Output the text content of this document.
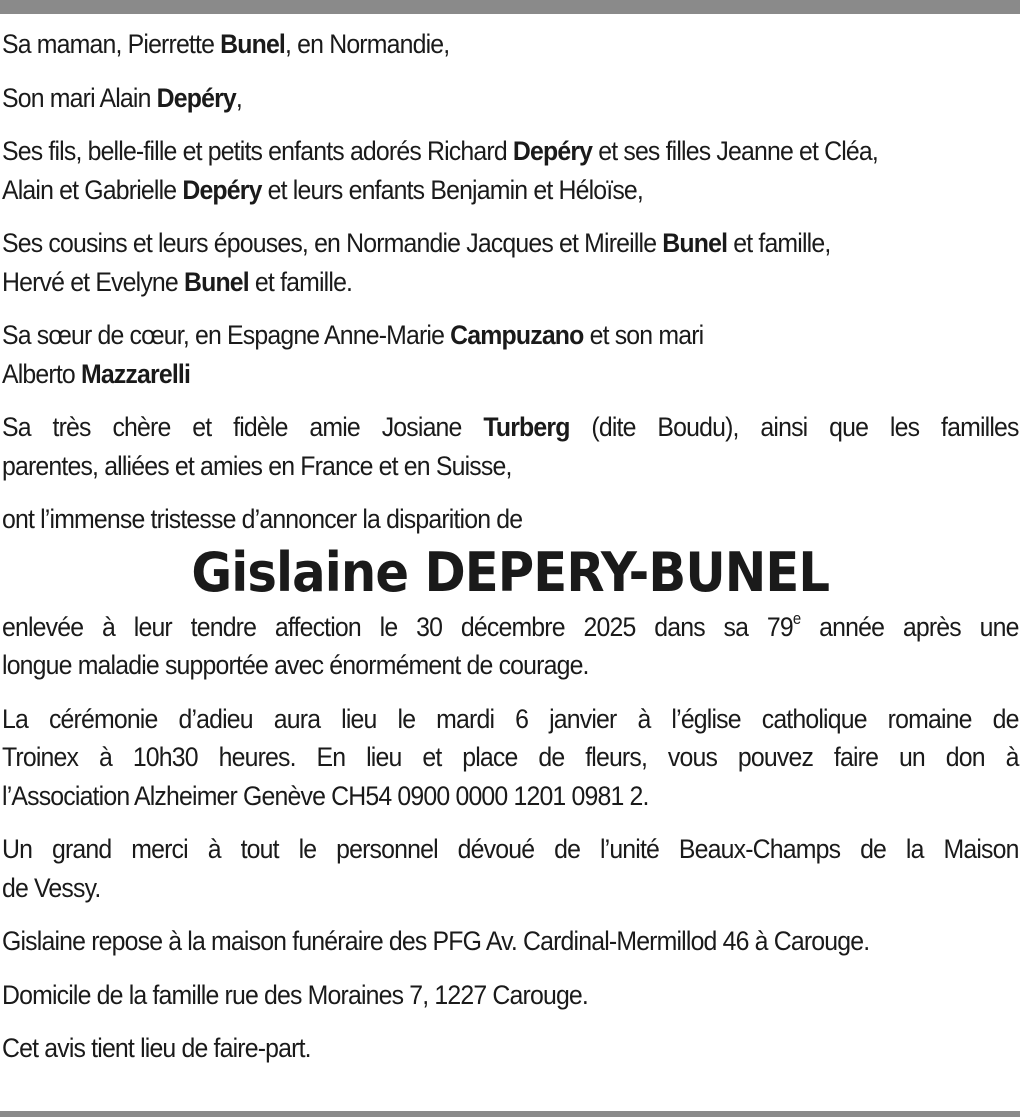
Sa maman, Pierrette Bunel, en Normandie,
Son mari Alain Depéry,
Ses fils, belle-fille et petits enfants adorés Richard Depéry et ses filles Jeanne et Cléa,
Alain et Gabrielle Depéry et leurs enfants Benjamin et Héloïse,
Ses cousins et leurs épouses, en Normandie Jacques et Mireille Bunel et famille,
Hervé et Evelyne Bunel et famille.
Sa sœur de cœur, en Espagne Anne-Marie Campuzano et son mari
Alberto Mazzarelli
Sa très chère et fidèle amie Josiane Turberg (dite Boudu), ainsi que les familles
parentes, alliées et amies en France et en Suisse,
ont l’immense tristesse d’annoncer la disparition de
Gislaine DEPERY-BUNEL
enlevée à leur tendre affection le 30 décembre 2025 dans sa 79e année après une
longue maladie supportée avec énormément de courage.
La cérémonie d’adieu aura lieu le mardi 6 janvier à l’église catholique romaine de
Troinex à 10h30 heures. En lieu et place de fleurs, vous pouvez faire un don à
l’Association Alzheimer Genève CH54 0900 0000 1201 0981 2.
Un grand merci à tout le personnel dévoué de l’unité Beaux-Champs de la Maison
de Vessy.
Gislaine repose à la maison funéraire des PFG Av. Cardinal-Mermillod 46 à Carouge.
Domicile de la famille rue des Moraines 7, 1227 Carouge.
Cet avis tient lieu de faire-part.
